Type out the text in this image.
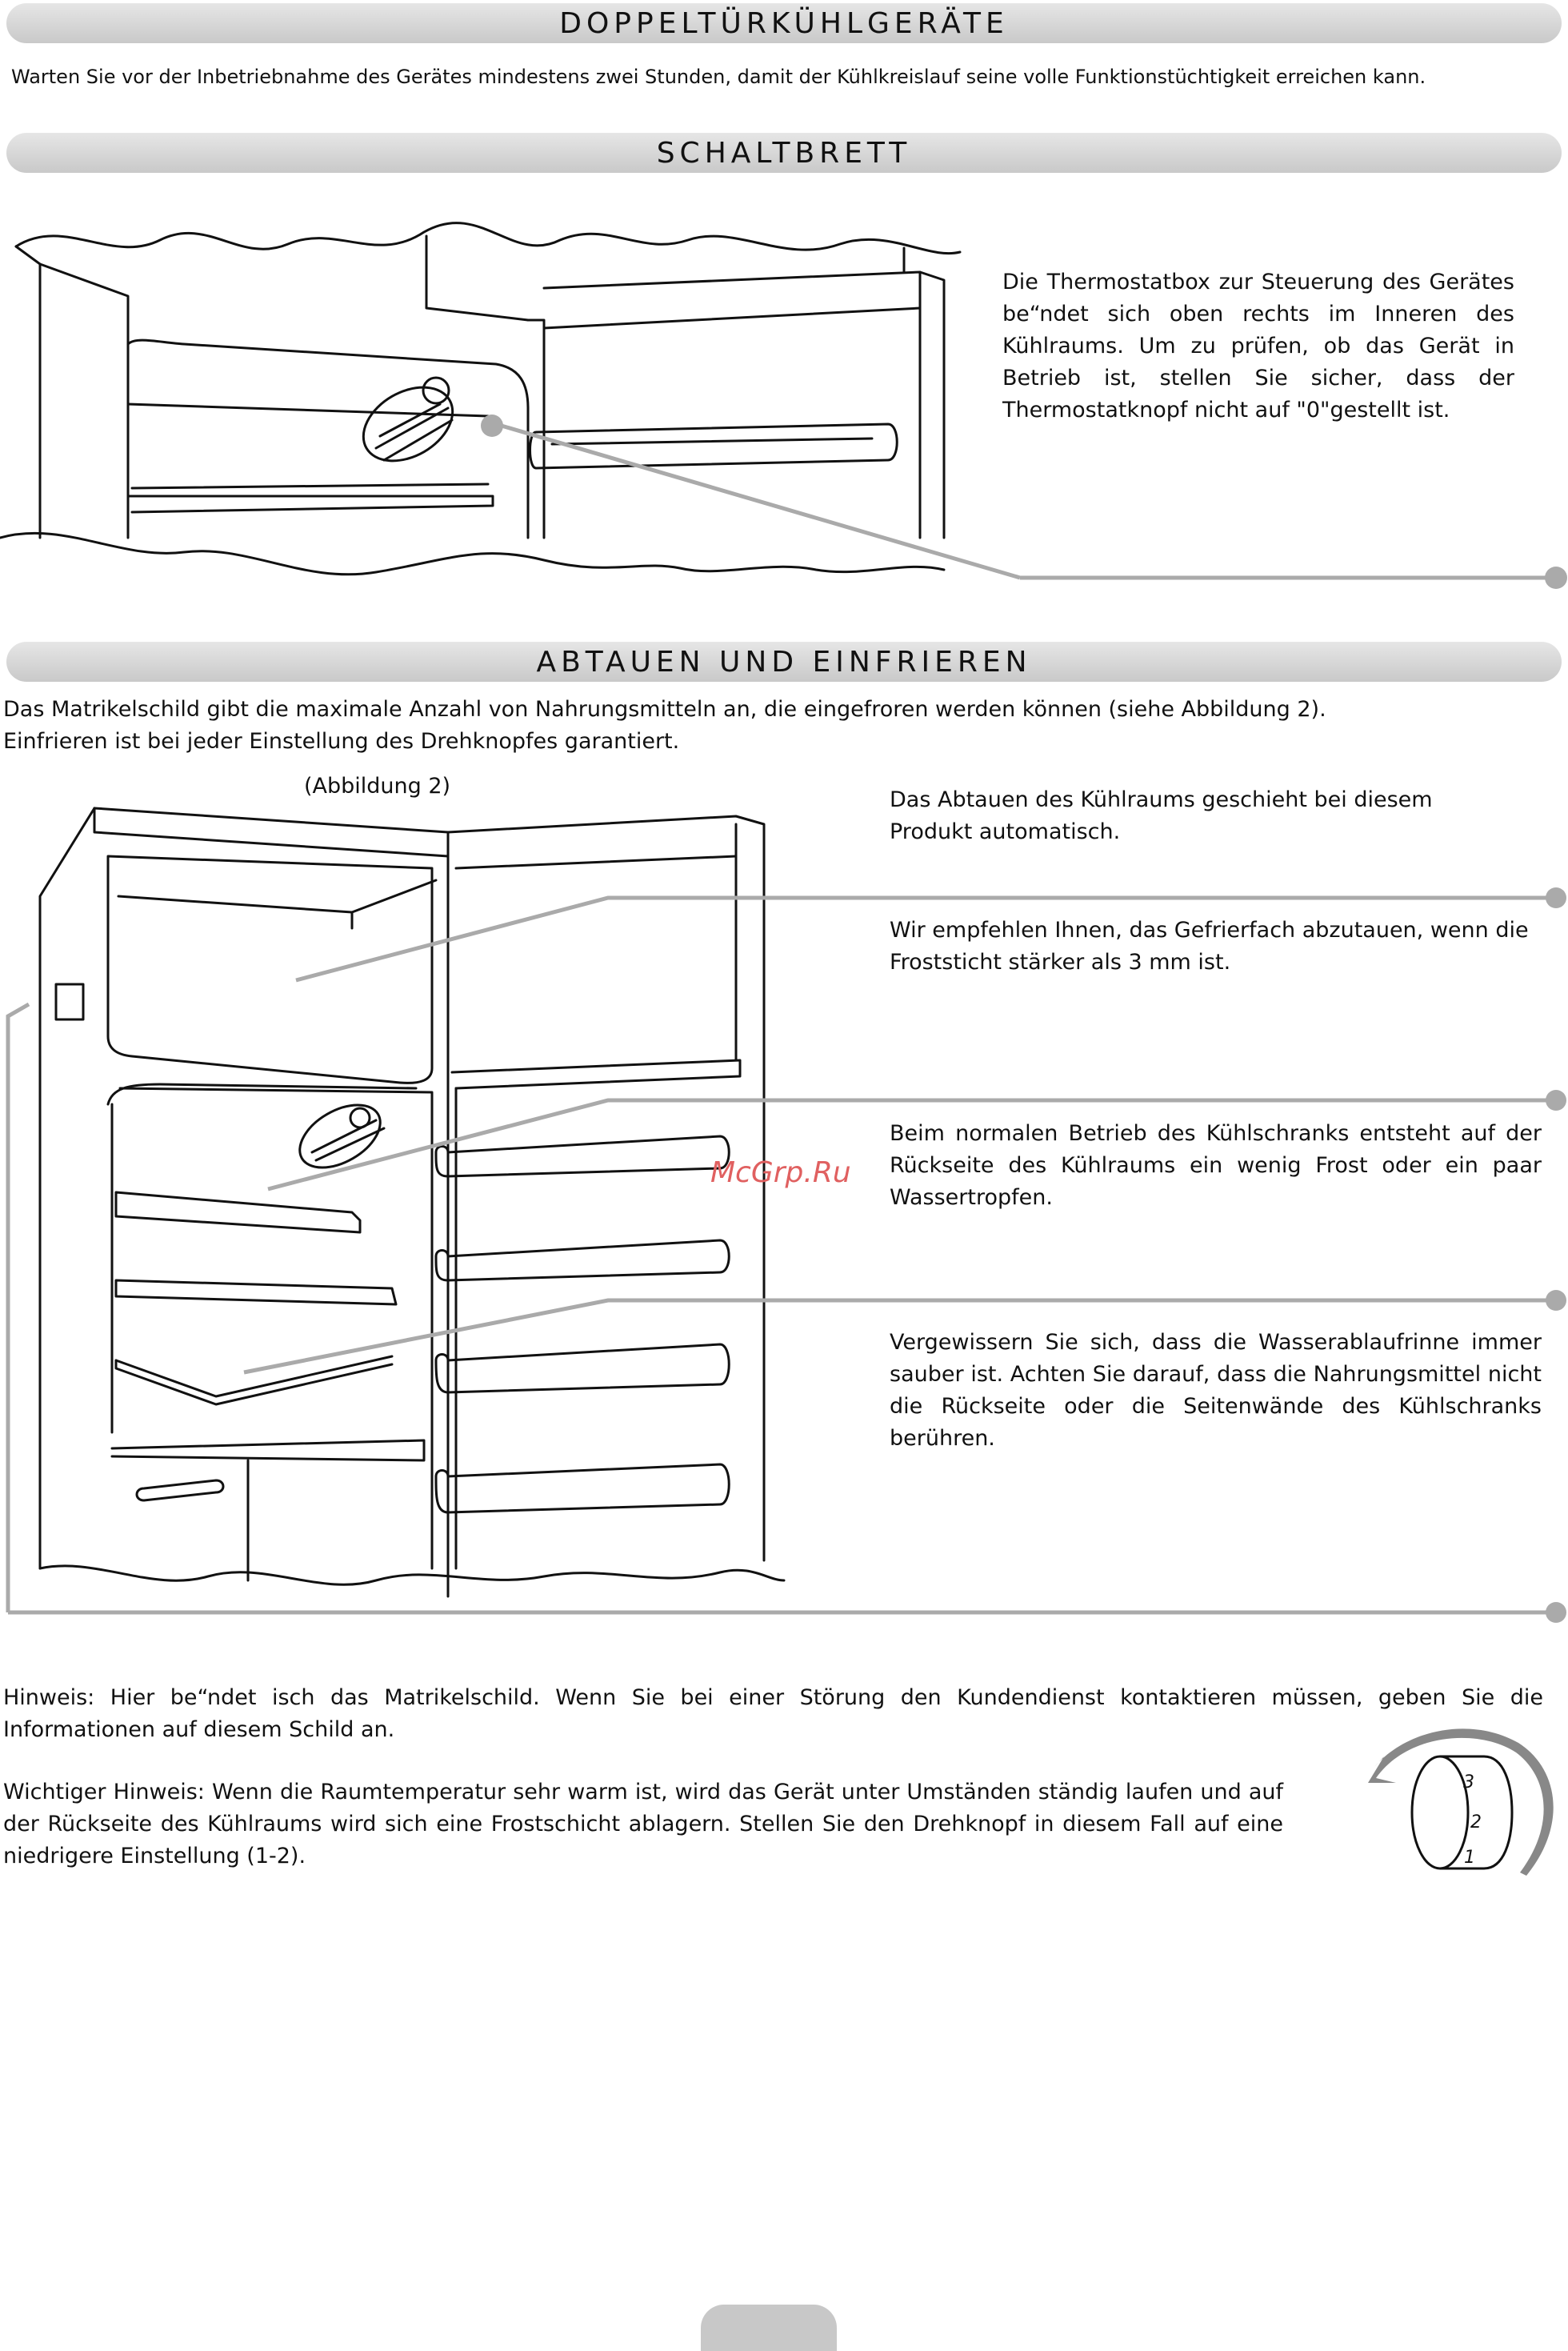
DOPPELTÜRKÜHLGERÄTE
Warten Sie vor der Inbetriebnahme des Gerätes mindestens zwei Stunden, damit der Kühlkreislauf seine volle Funktionstüchtigkeit erreichen kann.
SCHALTBRETT
Die Thermostatbox zur Steuerung des Gerätes be“ndet sich oben rechts im Inneren des Kühlraums. Um zu prüfen, ob das Gerät in Betrieb ist, stellen Sie sicher, dass der Thermostatknopf nicht auf "0"gestellt ist.
ABTAUEN UND EINFRIEREN
Das Matrikelschild gibt die maximale Anzahl von Nahrungsmitteln an, die eingefroren werden können (siehe Abbildung 2).
Einfrieren ist bei jeder Einstellung des Drehknopfes garantiert.
(Abbildung 2)
Das Abtauen des Kühlraums geschieht bei diesem Produkt automatisch.
Wir empfehlen Ihnen, das Gefrierfach abzutauen, wenn die Froststicht stärker als 3 mm ist.
Beim normalen Betrieb des Kühlschranks entsteht auf der Rückseite des Kühlraums ein wenig Frost oder ein paar Wassertropfen.
Vergewissern Sie sich, dass die Wasserablaufrinne immer sauber ist. Achten Sie darauf, dass die Nahrungsmittel nicht die Rückseite oder die Seitenwände des Kühlschranks berühren.
McGrp.Ru
Hinweis: Hier be“ndet isch das Matrikelschild. Wenn Sie bei einer Störung den Kundendienst kontaktieren müssen, geben Sie die Informationen auf diesem Schild an.
Wichtiger Hinweis: Wenn die Raumtemperatur sehr warm ist, wird das Gerät unter Umständen ständig laufen und auf der Rückseite des Kühlraums wird sich eine Frostschicht ablagern. Stellen Sie den Drehknopf in diesem Fall auf eine niedrigere Einstellung (1-2).
3
2
1
